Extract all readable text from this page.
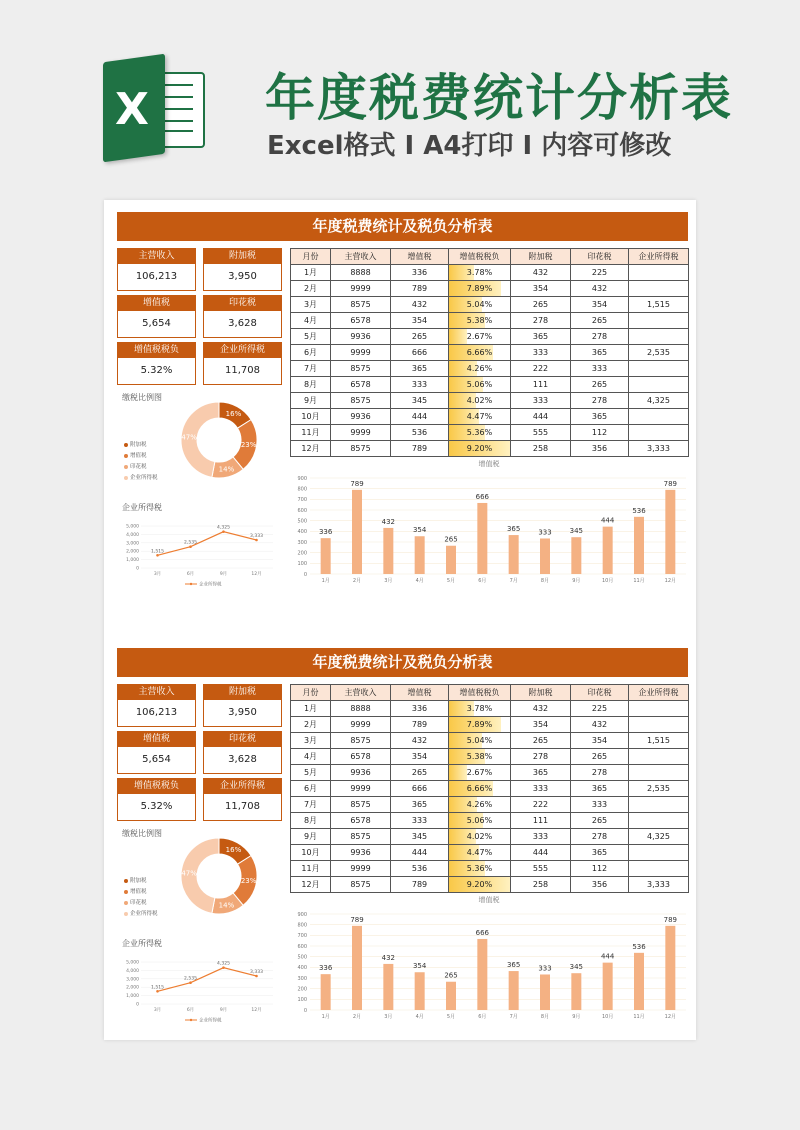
X 年度税费统计分析表
Excel格式 I A4打印 I 内容可修改
年度税费统计及税负分析表
主营收入
106,213
附加税
3,950
增值税
5,654
印花税
3,628
增值税税负
5.32%
企业所得税
11,708
月份	主营收入	增值税	增值税税负	附加税	印花税	企业所得税
1月	8888	336	3.78%	432	225	
2月	9999	789	7.89%	354	432	
3月	8575	432	5.04%	265	354	1,515
4月	6578	354	5.38%	278	265	
5月	9936	265	2.67%	365	278	
6月	9999	666	6.66%	333	365	2,535
7月	8575	365	4.26%	222	333	
8月	6578	333	5.06%	111	265	
9月	8575	345	4.02%	333	278	4,325
10月	9936	444	4.47%	444	365	
11月	9999	536	5.36%	555	112	
12月	8575	789	9.20%	258	356	3,333
缴税比例图
附加税
增值税
印花税
企业所得税
16%
23%
14%
47%
企业所得税
5,000
4,000
3,000
2,000
1,000
0
1,515
3月
2,535
6月
4,325
9月
3,333
12月
企业所得税
增值税
900
800
700
600
500
400
300
200
100
0
336
1月
789
2月
432
3月
354
4月
265
5月
666
6月
365
7月
333
8月
345
9月
444
10月
536
11月
789
12月
年度税费统计及税负分析表
主营收入
106,213
附加税
3,950
增值税
5,654
印花税
3,628
增值税税负
5.32%
企业所得税
11,708
月份	主营收入	增值税	增值税税负	附加税	印花税	企业所得税
1月	8888	336	3.78%	432	225	
2月	9999	789	7.89%	354	432	
3月	8575	432	5.04%	265	354	1,515
4月	6578	354	5.38%	278	265	
5月	9936	265	2.67%	365	278	
6月	9999	666	6.66%	333	365	2,535
7月	8575	365	4.26%	222	333	
8月	6578	333	5.06%	111	265	
9月	8575	345	4.02%	333	278	4,325
10月	9936	444	4.47%	444	365	
11月	9999	536	5.36%	555	112	
12月	8575	789	9.20%	258	356	3,333
缴税比例图
附加税
增值税
印花税
企业所得税
16%
23%
14%
47%
企业所得税
5,000
4,000
3,000
2,000
1,000
0
1,515
3月
2,535
6月
4,325
9月
3,333
12月
企业所得税
增值税
900
800
700
600
500
400
300
200
100
0
336
1月
789
2月
432
3月
354
4月
265
5月
666
6月
365
7月
333
8月
345
9月
444
10月
536
11月
789
12月
